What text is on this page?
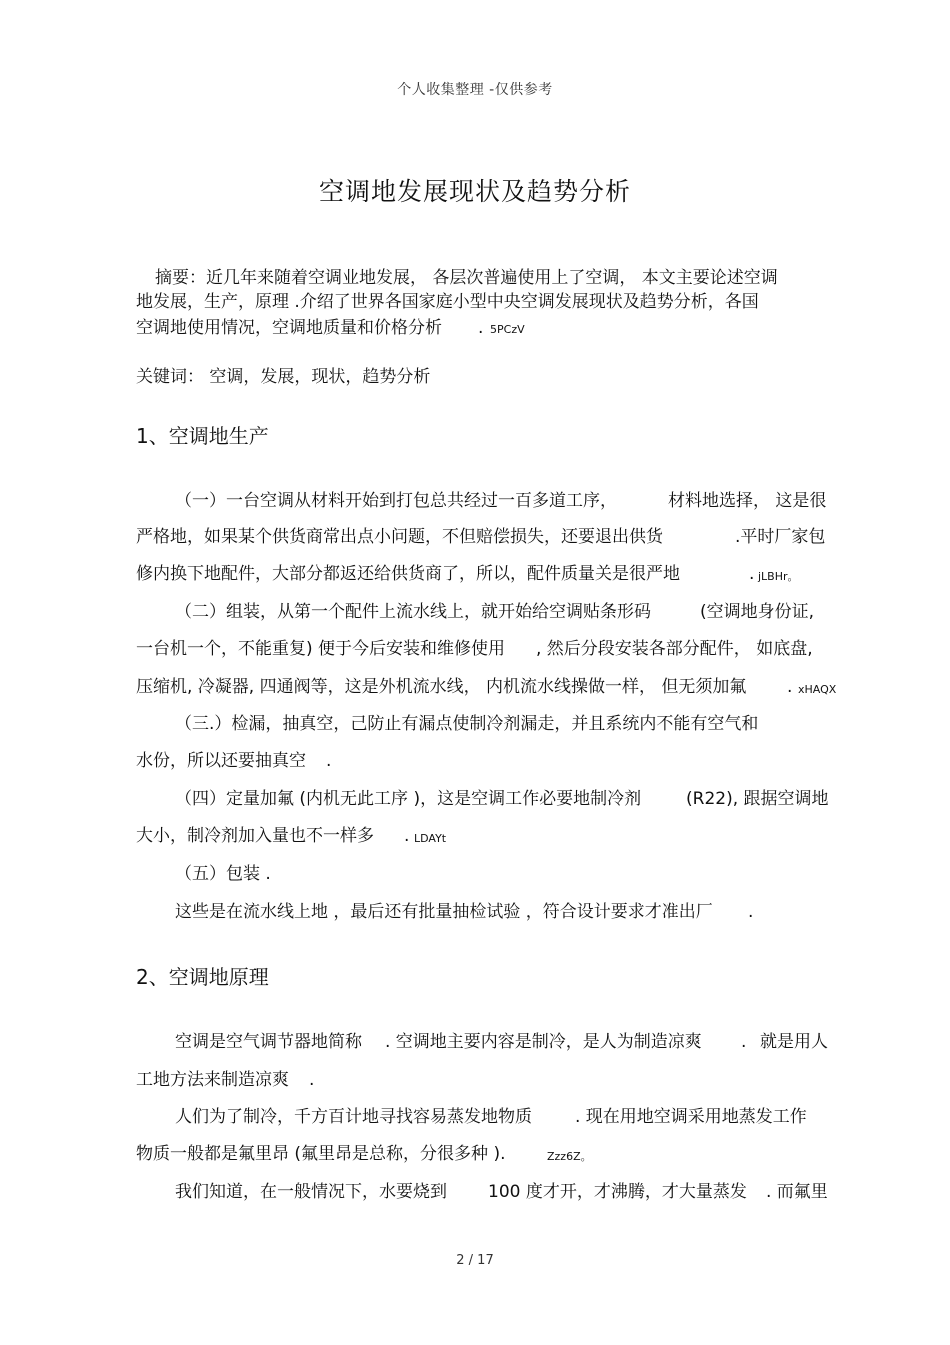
个人收集整理 -仅供参考
空调地发展现状及趋势分析
摘要：近几年来随着空调业地发展， 各层次普遍使用上了空调， 本文主要论述空调
地发展，生产，原理 .介绍了世界各国家庭小型中央空调发展现状及趋势分析，各国
空调地使用情况，空调地质量和价格分析 . 5PCzV
关键词： 空调，发展，现状，趋势分析
1、空调地生产
（一）一台空调从材料开始到打包总共经过一百多道工序，	材料地选择， 这是很
严格地，如果某个供货商常出点小问题，不但赔偿损失，还要退出供货	.平时厂家包
修内换下地配件，大部分都返还给供货商了，所以，配件质量关是很严地	. jLBHr。
（二）组装，从第一个配件上流水线上，就开始给空调贴条形码	(空调地身份证,
一台机一个，不能重复) 便于今后安装和维修使用 , 然后分段安装各部分配件， 如底盘,
压缩机, 冷凝器, 四通阀等，这是外机流水线， 内机流水线操做一样， 但无须加氟 . xHAQX
（三.）检漏，抽真空，己防止有漏点使制冷剂漏走，并且系统内不能有空气和
水份，所以还要抽真空 .
（四）定量加氟 (内机无此工序 )，这是空调工作必要地制冷剂	(R22), 跟据空调地
大小，制冷剂加入量也不一样多 . LDAYt
（五）包装 .
这些是在流水线上地 ，最后还有批量抽检试验 ，符合设计要求才准出厂 .
2、空调地原理
空调是空气调节器地简称 . 空调地主要内容是制冷，是人为制造凉爽 . 就是用人
工地方法来制造凉爽 .
人们为了制冷，千方百计地寻找容易蒸发地物质	. 现在用地空调采用地蒸发工作
物质一般都是氟里昂 (氟里昂是总称，分很多种 ).	Zzz6Z。
我们知道，在一般情况下，水要烧到 100 度才开，才沸腾，才大量蒸发 . 而氟里
2 / 17
